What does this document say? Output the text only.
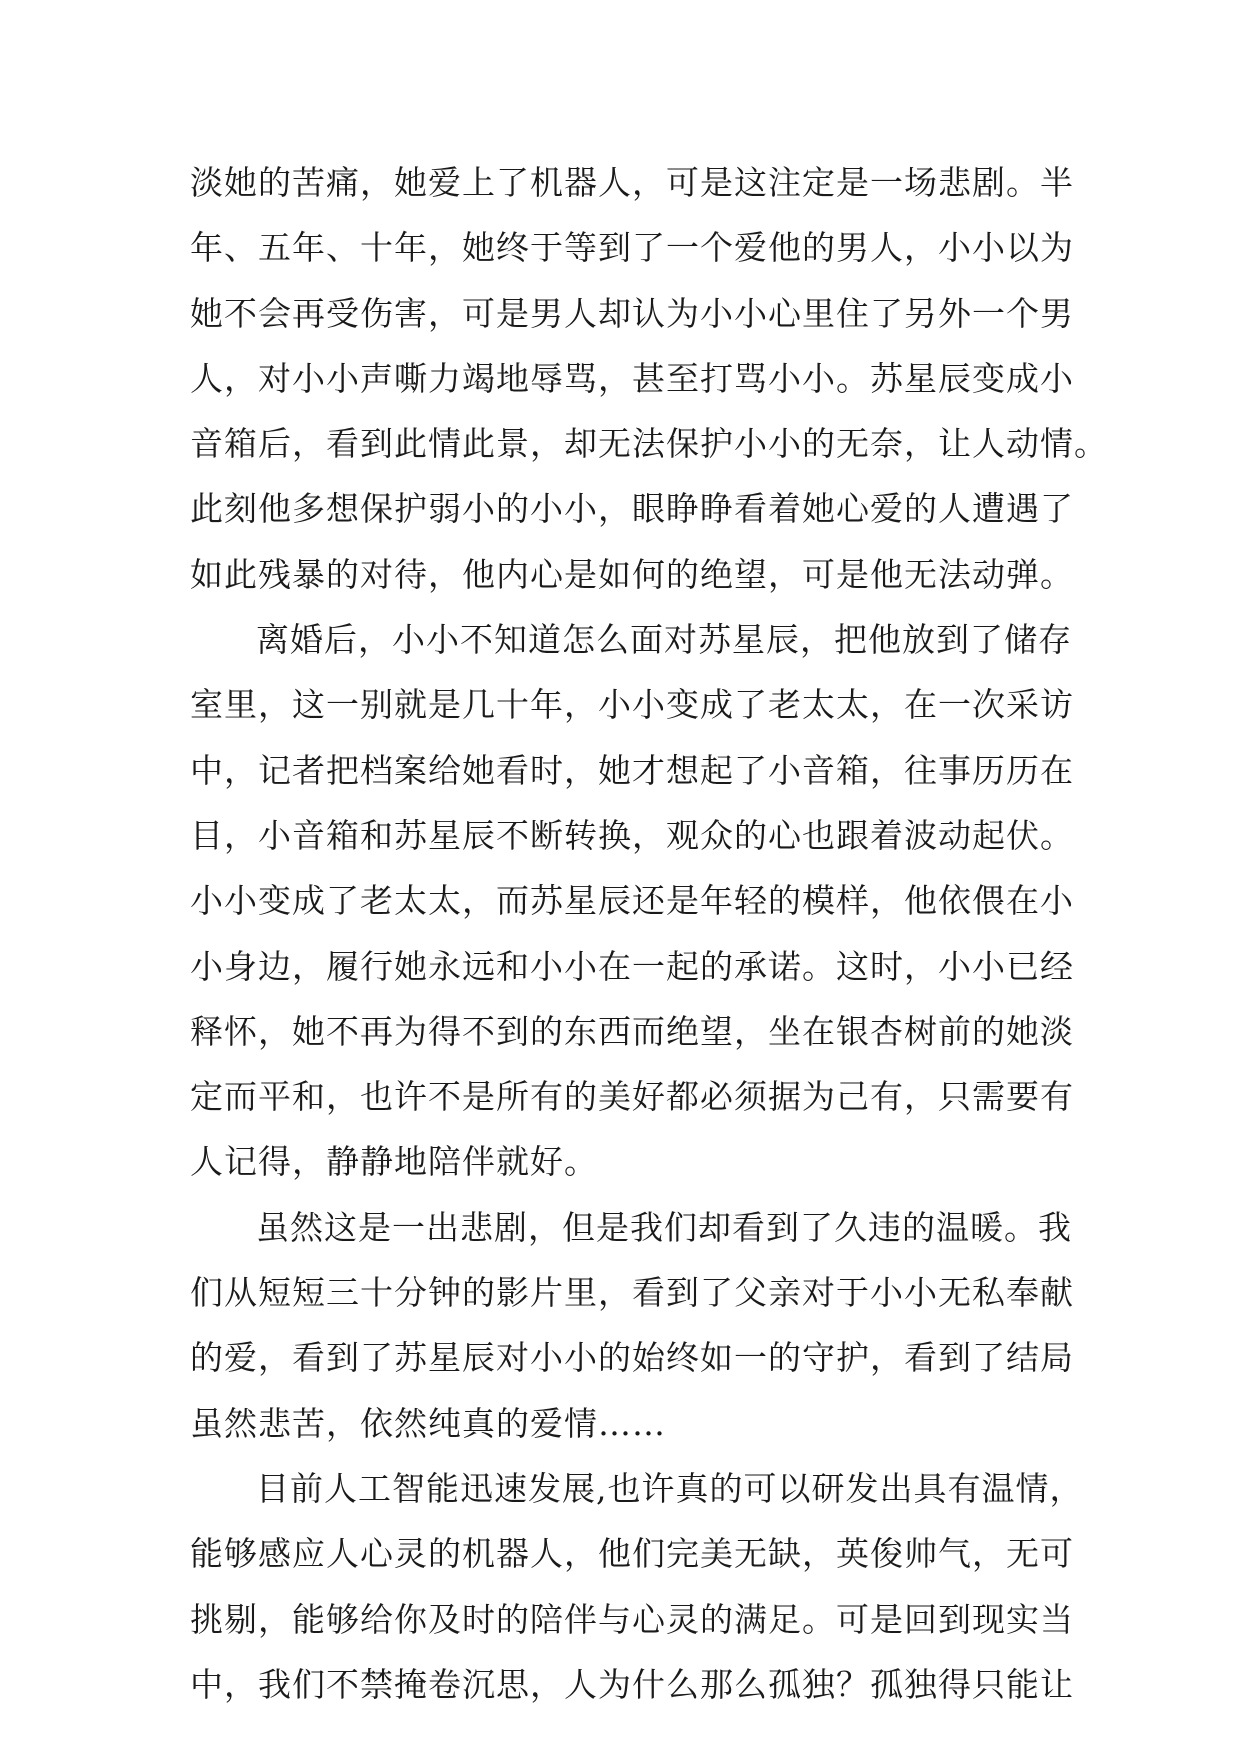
淡她的苦痛，她爱上了机器人，可是这注定是一场悲剧。半
年、五年、十年，她终于等到了一个爱他的男人，小小以为
她不会再受伤害，可是男人却认为小小心里住了另外一个男
人，对小小声嘶力竭地辱骂，甚至打骂小小。苏星辰变成小
音箱后，看到此情此景，却无法保护小小的无奈，让人动情。
此刻他多想保护弱小的小小，眼睁睁看着她心爱的人遭遇了
如此残暴的对待，他内心是如何的绝望，可是他无法动弹。
离婚后，小小不知道怎么面对苏星辰，把他放到了储存
室里，这一别就是几十年，小小变成了老太太，在一次采访
中，记者把档案给她看时，她才想起了小音箱，往事历历在
目，小音箱和苏星辰不断转换，观众的心也跟着波动起伏。
小小变成了老太太，而苏星辰还是年轻的模样，他依偎在小
小身边，履行她永远和小小在一起的承诺。这时，小小已经
释怀，她不再为得不到的东西而绝望，坐在银杏树前的她淡
定而平和，也许不是所有的美好都必须据为己有，只需要有
人记得，静静地陪伴就好。
虽然这是一出悲剧，但是我们却看到了久违的温暖。我
们从短短三十分钟的影片里，看到了父亲对于小小无私奉献
的爱，看到了苏星辰对小小的始终如一的守护，看到了结局
虽然悲苦，依然纯真的爱情……
目前人工智能迅速发展,也许真的可以研发出具有温情，
能够感应人心灵的机器人，他们完美无缺，英俊帅气，无可
挑剔，能够给你及时的陪伴与心灵的满足。可是回到现实当
中，我们不禁掩卷沉思，人为什么那么孤独？孤独得只能让
